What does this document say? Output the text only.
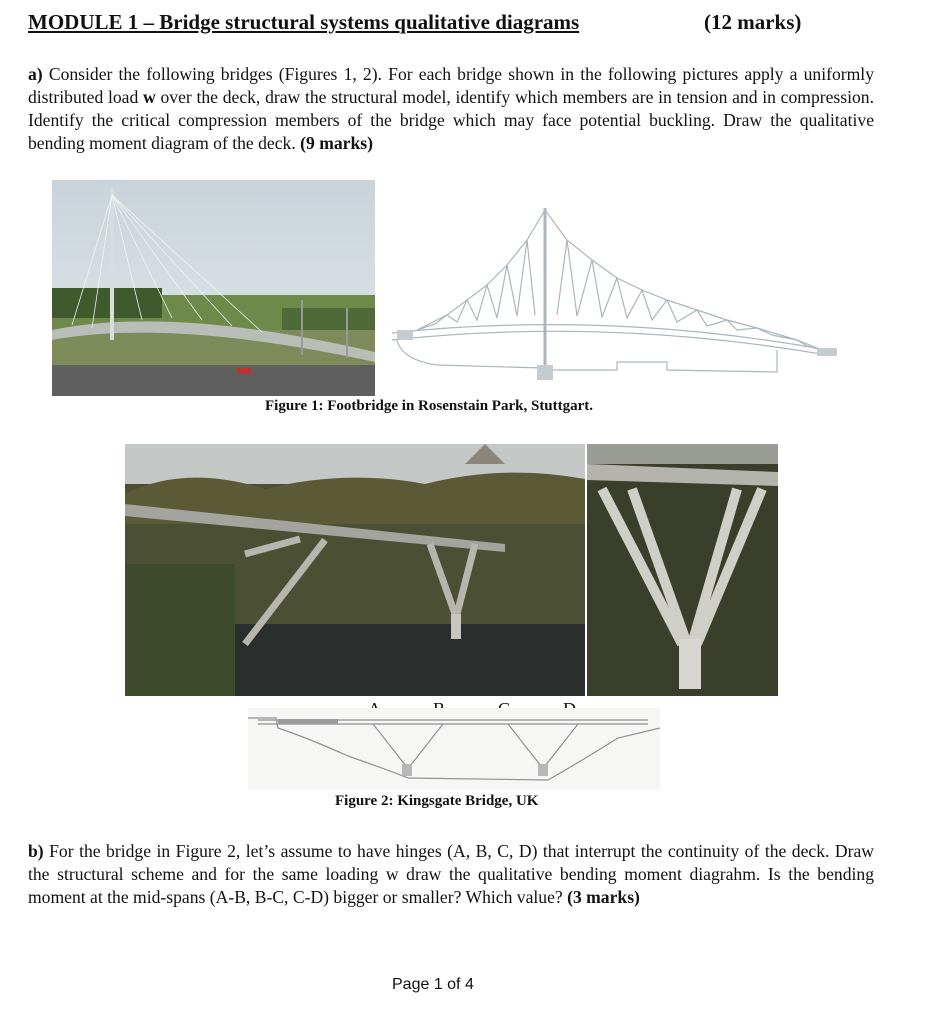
MODULE 1 – Bridge structural systems qualitative diagrams	(12 marks)
a) Consider the following bridges (Figures 1, 2). For each bridge shown in the following pictures apply a uniformly distributed load w over the deck, draw the structural model, identify which members are in tension and in compression. Identify the critical compression members of the bridge which may face potential buckling. Draw the qualitative bending moment diagram of the deck. (9 marks)
Figure 1: Footbridge in Rosenstain Park, Stuttgart.
Figure 2: Kingsgate Bridge, UK
b) For the bridge in Figure 2, let’s assume to have hinges (A, B, C, D) that interrupt the continuity of the deck. Draw the structural scheme and for the same loading w draw the qualitative bending moment diagrahm. Is the bending moment at the mid-spans (A-B, B-C, C-D) bigger or smaller? Which value? (3 marks)
Page 1 of 4
